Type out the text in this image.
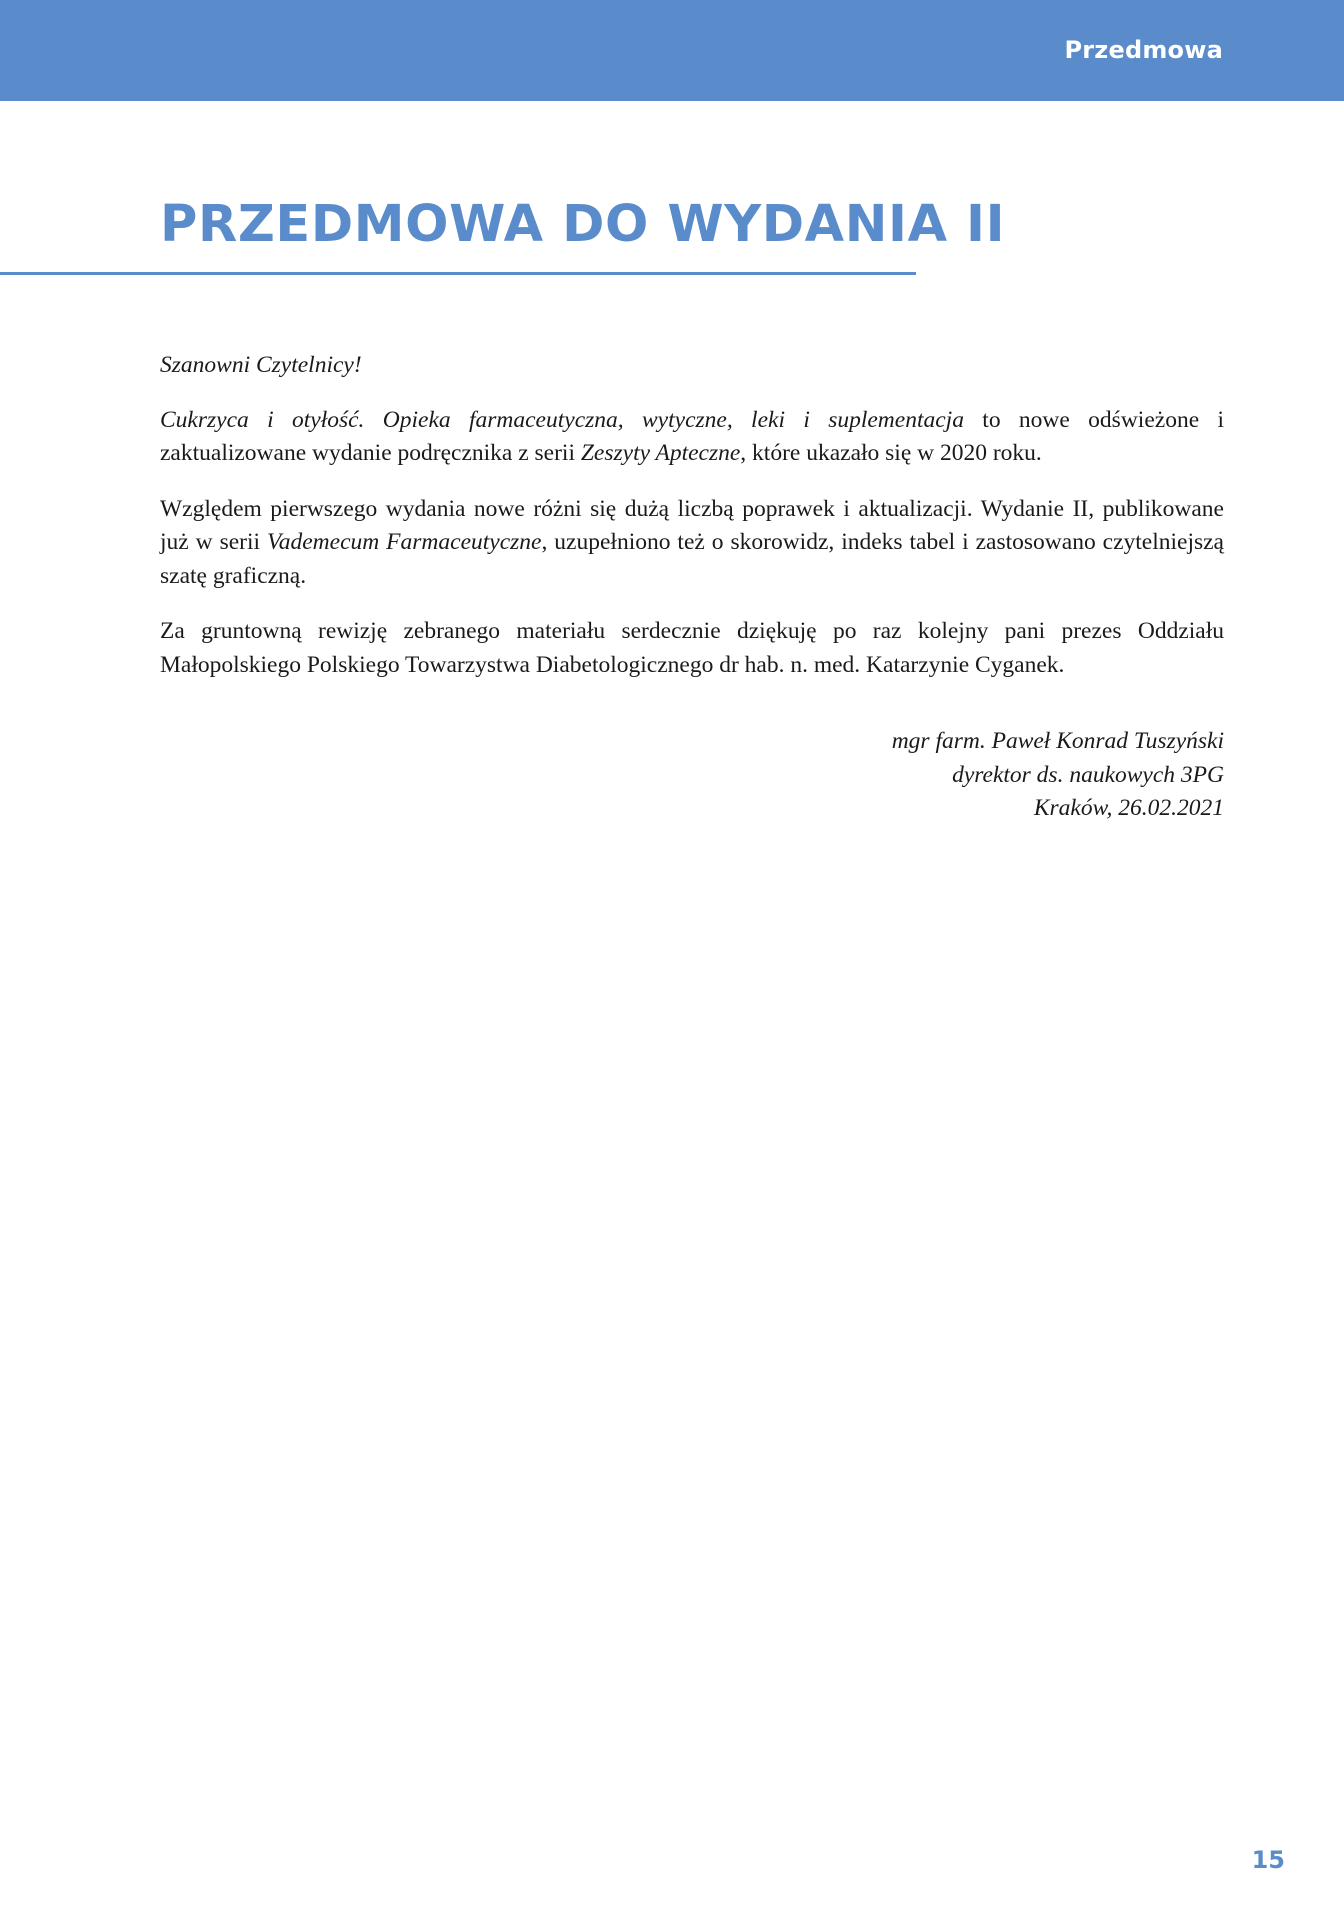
Przedmowa
PRZEDMOWA DO WYDANIA II

Szanowni Czytelnicy!

Cukrzyca i otyłość. Opieka farmaceutyczna, wytyczne, leki i suplementacja to nowe odświeżone i zaktualizowane wydanie podręcznika z serii Zeszyty Apteczne, które ukazało się w 2020 roku.

Względem pierwszego wydania nowe różni się dużą liczbą poprawek i aktualizacji. Wydanie II, publikowane już w serii Vademecum Farmaceutyczne, uzupełniono też o skorowidz, indeks tabel i zastosowano czytelniejszą szatę graficzną.

Za gruntowną rewizję zebranego materiału serdecznie dziękuję po raz kolejny pani prezes Oddziału Małopolskiego Polskiego Towarzystwa Diabetologicznego dr hab. n. med. Katarzynie Cyganek.

mgr farm. Paweł Konrad Tuszyński
dyrektor ds. naukowych 3PG
Kraków, 26.02.2021
15
